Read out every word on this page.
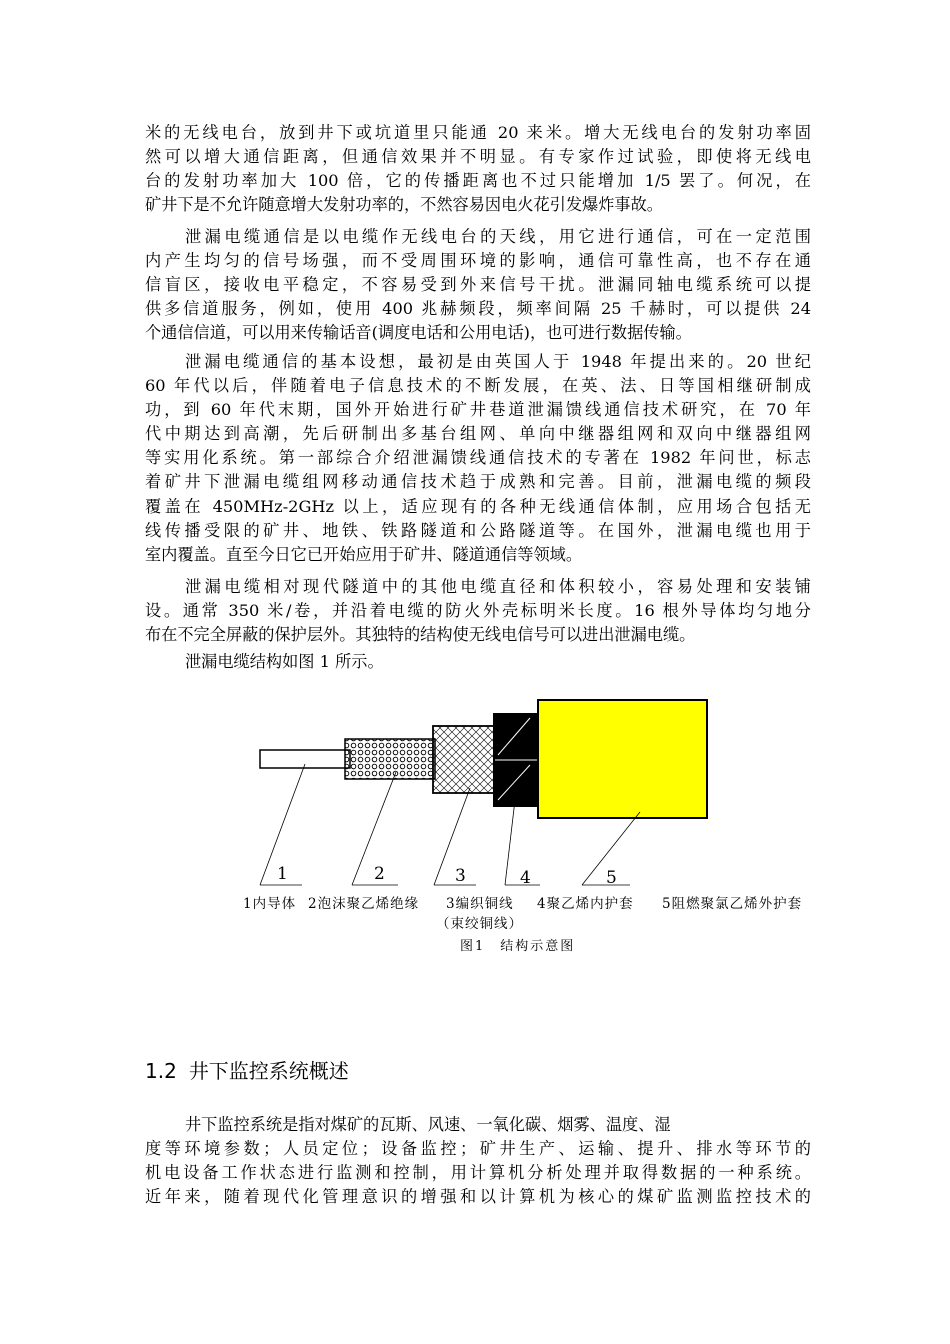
米的无线电台，放到井下或坑道里只能通 20 来米。增大无线电台的发射功率固
然可以增大通信距离，但通信效果并不明显。有专家作过试验，即使将无线电
台的发射功率加大 100 倍，它的传播距离也不过只能增加 1/5 罢了。何况，在
矿井下是不允许随意增大发射功率的，不然容易因电火花引发爆炸事故。
泄漏电缆通信是以电缆作无线电台的天线，用它进行通信，可在一定范围
内产生均匀的信号场强，而不受周围环境的影响，通信可靠性高，也不存在通
信盲区，接收电平稳定，不容易受到外来信号干扰。泄漏同轴电缆系统可以提
供多信道服务，例如，使用 400 兆赫频段，频率间隔 25 千赫时，可以提供 24
个通信信道，可以用来传输话音(调度电话和公用电话)，也可进行数据传输。
泄漏电缆通信的基本设想，最初是由英国人于 1948 年提出来的。20 世纪
60 年代以后，伴随着电子信息技术的不断发展，在英、法、日等国相继研制成
功，到 60 年代末期，国外开始进行矿井巷道泄漏馈线通信技术研究，在 70 年
代中期达到高潮，先后研制出多基台组网、单向中继器组网和双向中继器组网
等实用化系统。第一部综合介绍泄漏馈线通信技术的专著在 1982 年问世，标志
着矿井下泄漏电缆组网移动通信技术趋于成熟和完善。目前，泄漏电缆的频段
覆盖在 450MHz-2GHz 以上，适应现有的各种无线通信体制，应用场合包括无
线传播受限的矿井、地铁、铁路隧道和公路隧道等。在国外，泄漏电缆也用于
室内覆盖。直至今日它已开始应用于矿井、隧道通信等领域。
泄漏电缆相对现代隧道中的其他电缆直径和体积较小，容易处理和安装铺
设。通常 350 米/卷，并沿着电缆的防火外壳标明米长度。16 根外导体均匀地分
布在不完全屏蔽的保护层外。其独特的结构使无线电信号可以进出泄漏电缆。
泄漏电缆结构如图 1 所示。
1	2	3	4	5
1内导体 2泡沫聚乙烯绝缘 3编织铜线 4聚乙烯内护套 5阻燃聚氯乙烯外护套
（束绞铜线）
图1　结构示意图
1.2 井下监控系统概述
井下监控系统是指对煤矿的瓦斯、风速、一氧化碳、烟雾、温度、湿
度等环境参数；人员定位；设备监控；矿井生产、运输、提升、排水等环节的
机电设备工作状态进行监测和控制，用计算机分析处理并取得数据的一种系统。
近年来，随着现代化管理意识的增强和以计算机为核心的煤矿监测监控技术的
